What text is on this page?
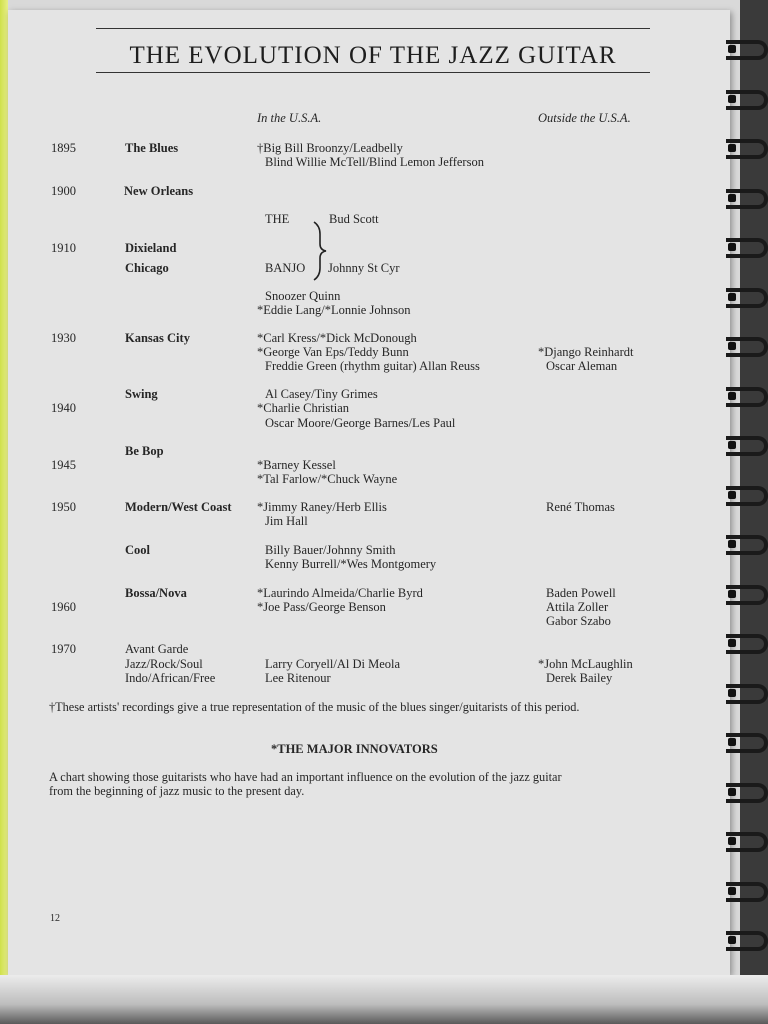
THE EVOLUTION OF THE JAZZ GUITAR
In the U.S.A.	Outside the U.S.A.
1895
1900
1910
1930
1940
1945
1950
1960
1970
The Blues
New Orleans
Dixieland
Chicago
Kansas City
Swing
Be Bop
Modern/West Coast
Cool
Bossa/Nova
Avant Garde
Jazz/Rock/Soul
Indo/African/Free
†Big Bill Broonzy/Leadbelly
Blind Willie McTell/Blind Lemon Jefferson
THE
BANJO
Bud Scott
Johnny St Cyr
Snoozer Quinn
*Eddie Lang/*Lonnie Johnson
*Carl Kress/*Dick McDonough
*George Van Eps/Teddy Bunn
Freddie Green (rhythm guitar) Allan Reuss
Al Casey/Tiny Grimes
*Charlie Christian
Oscar Moore/George Barnes/Les Paul
*Barney Kessel
*Tal Farlow/*Chuck Wayne
*Jimmy Raney/Herb Ellis
Jim Hall
Billy Bauer/Johnny Smith
Kenny Burrell/*Wes Montgomery
*Laurindo Almeida/Charlie Byrd
*Joe Pass/George Benson
Larry Coryell/Al Di Meola
Lee Ritenour
*Django Reinhardt
Oscar Aleman
René Thomas
Baden Powell
Attila Zoller
Gabor Szabo
*John McLaughlin
Derek Bailey
†These artists' recordings give a true representation of the music of the blues singer/guitarists of this period.
*THE MAJOR INNOVATORS
A chart showing those guitarists who have had an important influence on the evolution of the jazz guitar
from the beginning of jazz music to the present day.
12
